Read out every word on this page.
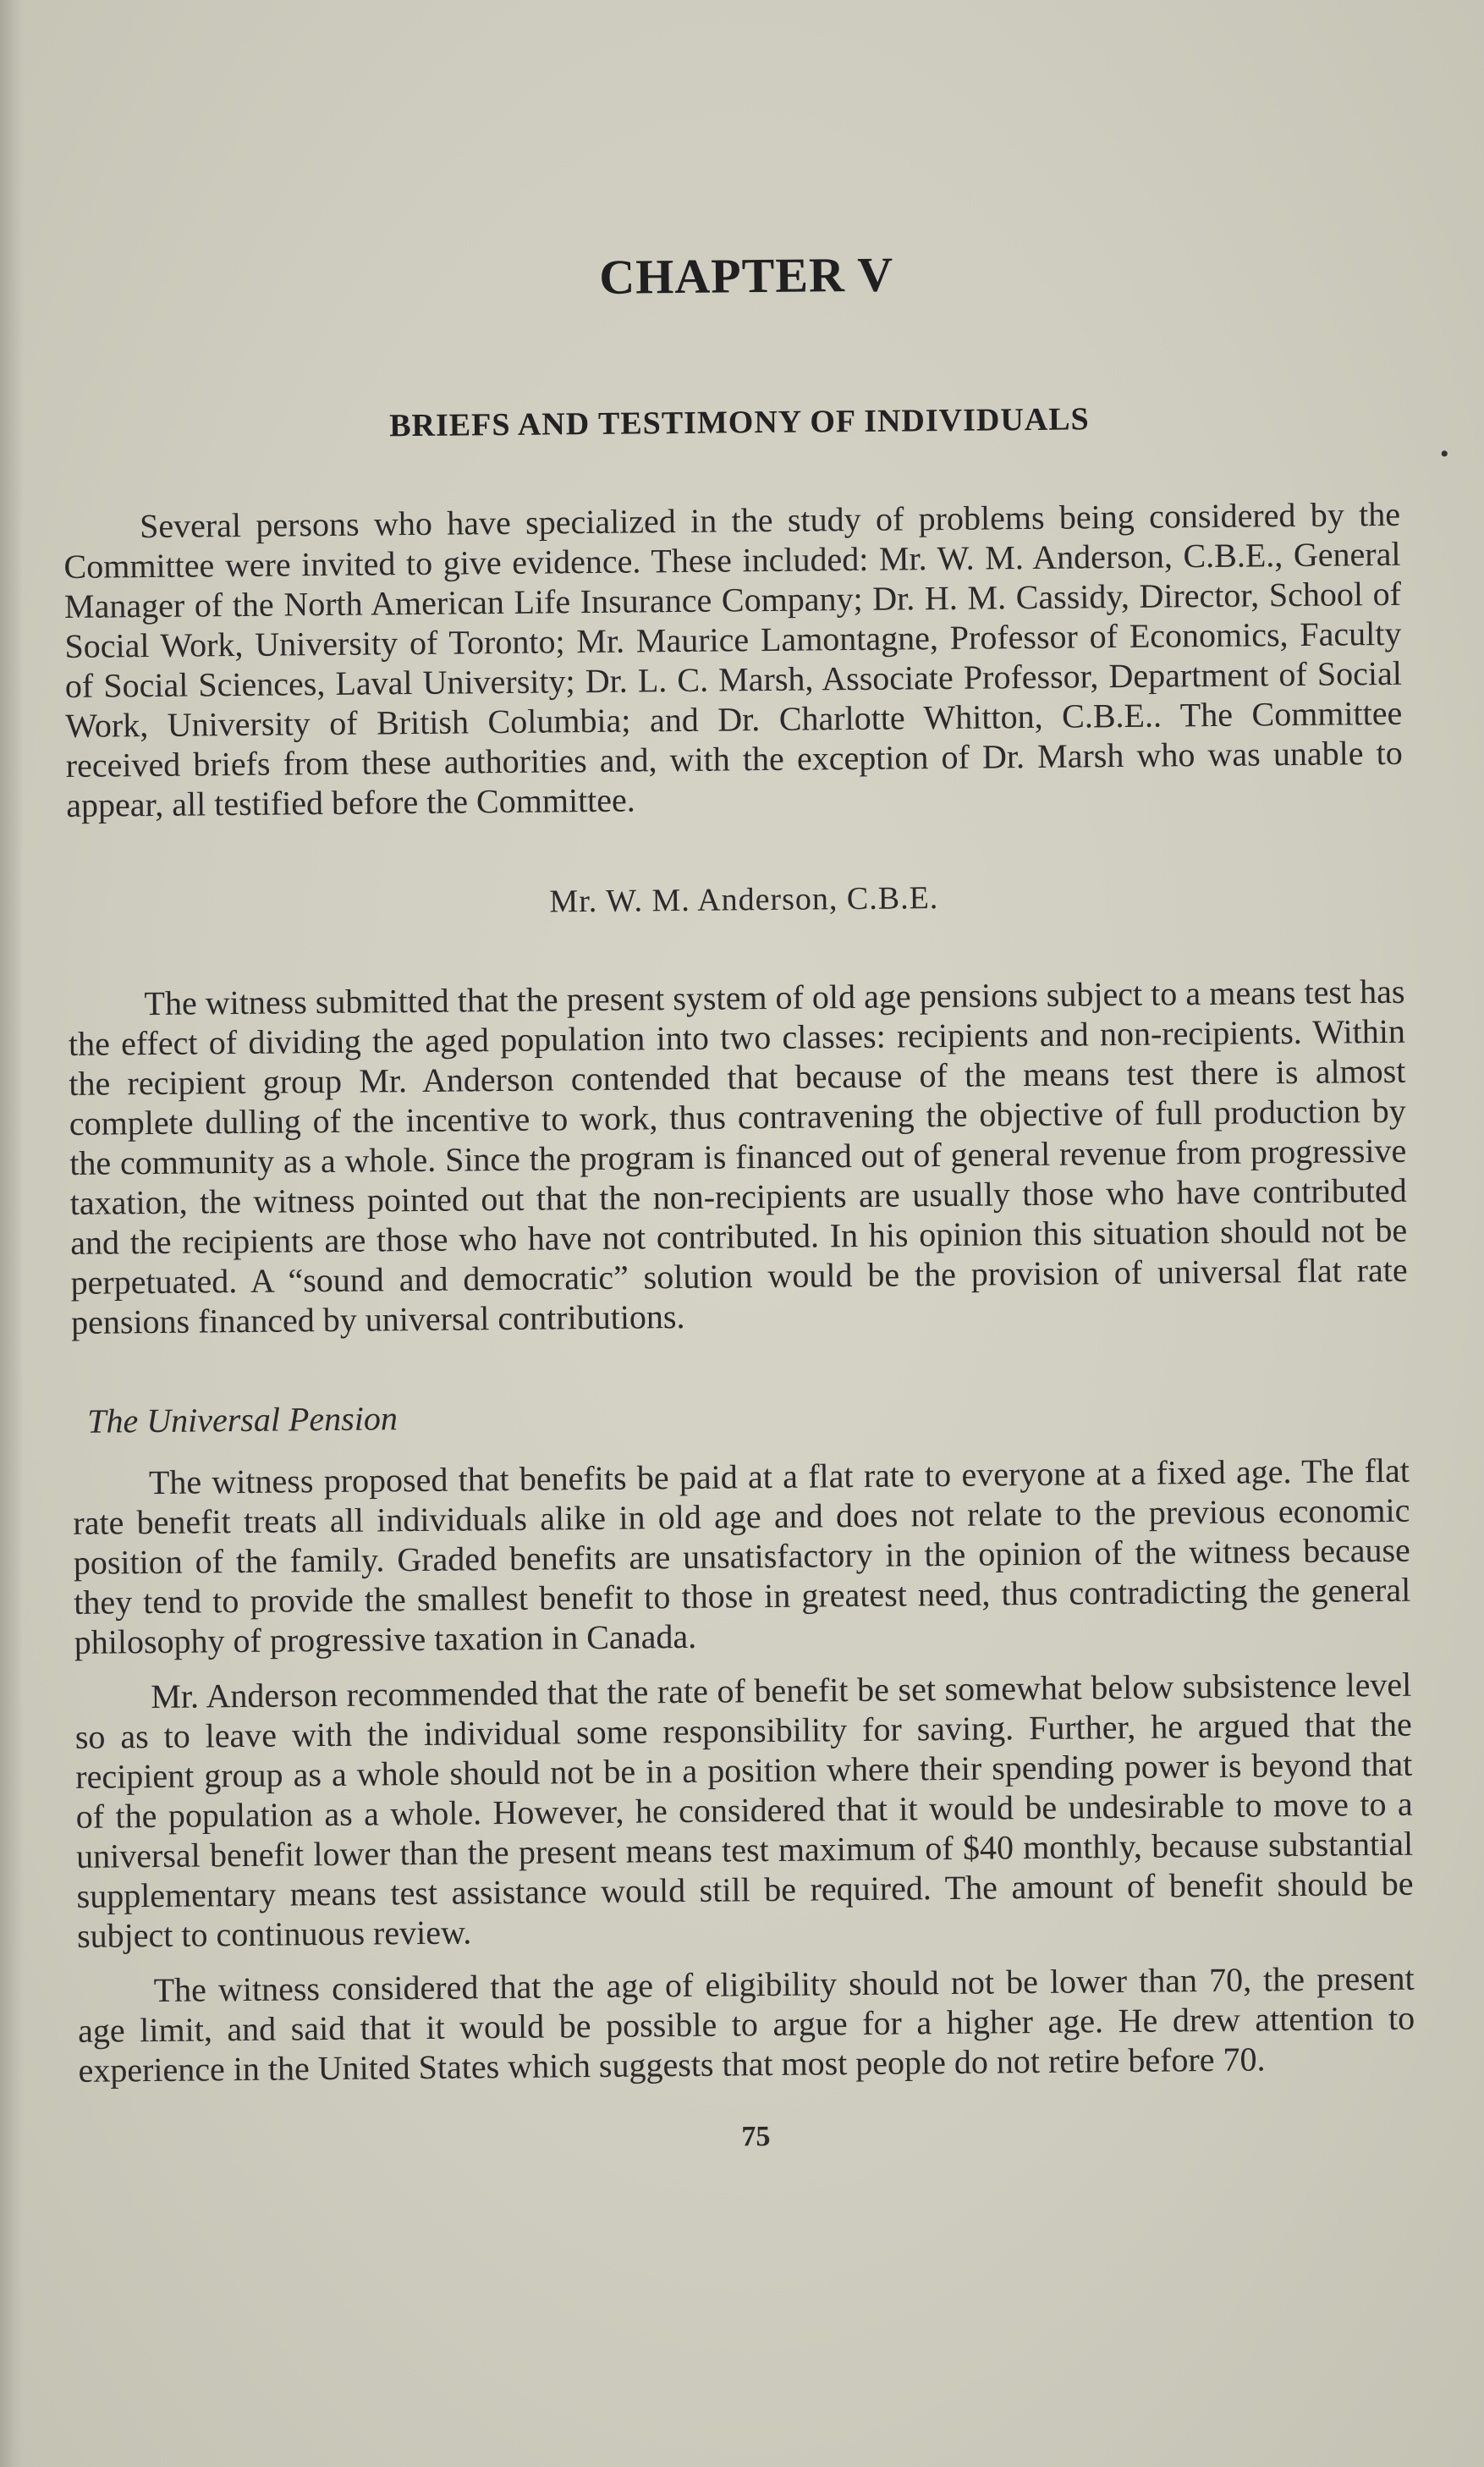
•
CHAPTER V
BRIEFS AND TESTIMONY OF INDIVIDUALS

Several persons who have specialized in the study of problems being considered by the Committee were invited to give evidence. These included: Mr. W. M. Anderson, C.B.E., General Manager of the North American Life Insurance Company; Dr. H. M. Cassidy, Director, School of Social Work, University of Toronto; Mr. Maurice Lamontagne, Professor of Economics, Faculty of Social Sciences, Laval University; Dr. L. C. Marsh, Associate Professor, Department of Social Work, University of British Columbia; and Dr. Charlotte Whitton, C.B.E.. The Committee received briefs from these authorities and, with the exception of Dr. Marsh who was unable to appear, all testified before the Committee.

Mr. W. M. Anderson, C.B.E.

The witness submitted that the present system of old age pensions subject to a means test has the effect of dividing the aged population into two classes: recipients and non-recipients. Within the recipient group Mr. Anderson contended that because of the means test there is almost complete dulling of the incentive to work, thus contravening the objective of full production by the community as a whole. Since the program is financed out of general revenue from progressive taxation, the witness pointed out that the non-recipients are usually those who have contributed and the recipients are those who have not contributed. In his opinion this situation should not be perpetuated. A “sound and democratic” solution would be the provision of universal flat rate pensions financed by universal contributions.

The Universal Pension

The witness proposed that benefits be paid at a flat rate to everyone at a fixed age. The flat rate benefit treats all individuals alike in old age and does not relate to the previous economic position of the family. Graded benefits are unsatisfactory in the opinion of the witness because they tend to provide the smallest benefit to those in greatest need, thus contradicting the general philosophy of progressive taxation in Canada.

Mr. Anderson recommended that the rate of benefit be set somewhat below subsistence level so as to leave with the individual some responsibility for saving. Further, he argued that the recipient group as a whole should not be in a position where their spending power is beyond that of the population as a whole. However, he considered that it would be undesirable to move to a universal benefit lower than the present means test maximum of $40 monthly, because substantial supplementary means test assistance would still be required. The amount of benefit should be subject to continuous review.

The witness considered that the age of eligibility should not be lower than 70, the present age limit, and said that it would be possible to argue for a higher age. He drew attention to experience in the United States which suggests that most people do not retire before 70.

75
